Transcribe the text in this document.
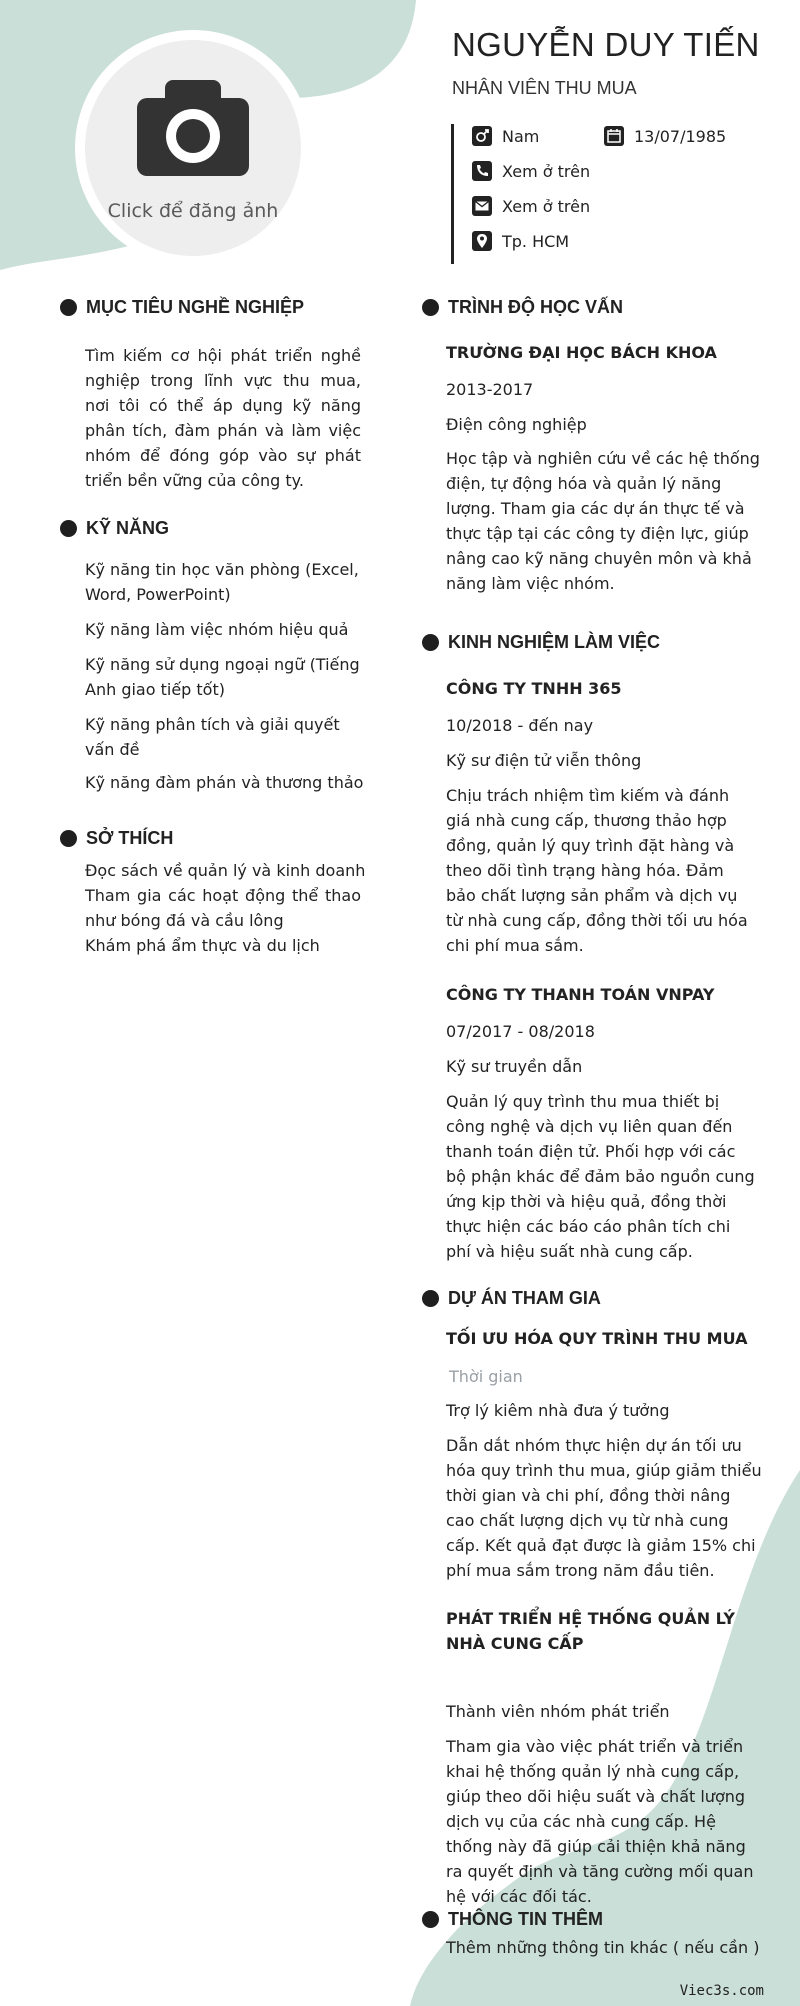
Click để đăng ảnh
NGUYỄN DUY TIẾN
NHÂN VIÊN THU MUA
Nam	13/07/1985
Xem ở trên
Xem ở trên
Tp. HCM
MỤC TIÊU NGHỀ NGHIỆP
Tìm kiếm cơ hội phát triển nghề nghiệp trong lĩnh vực thu mua, nơi tôi có thể áp dụng kỹ năng phân tích, đàm phán và làm việc nhóm để đóng góp vào sự phát triển bền vững của công ty.
KỸ NĂNG
Kỹ năng tin học văn phòng (Excel, Word, PowerPoint)
Kỹ năng làm việc nhóm hiệu quả
Kỹ năng sử dụng ngoại ngữ (Tiếng Anh giao tiếp tốt)
Kỹ năng phân tích và giải quyết vấn đề
Kỹ năng đàm phán và thương thảo
SỞ THÍCH
Đọc sách về quản lý và kinh doanh
Tham gia các hoạt động thể thao như bóng đá và cầu lông
Khám phá ẩm thực và du lịch
TRÌNH ĐỘ HỌC VẤN
TRƯỜNG ĐẠI HỌC BÁCH KHOA
2013-2017
Điện công nghiệp
Học tập và nghiên cứu về các hệ thống điện, tự động hóa và quản lý năng lượng. Tham gia các dự án thực tế và thực tập tại các công ty điện lực, giúp nâng cao kỹ năng chuyên môn và khả năng làm việc nhóm.
KINH NGHIỆM LÀM VIỆC
CÔNG TY TNHH 365
10/2018 - đến nay
Kỹ sư điện tử viễn thông
Chịu trách nhiệm tìm kiếm và đánh giá nhà cung cấp, thương thảo hợp đồng, quản lý quy trình đặt hàng và theo dõi tình trạng hàng hóa. Đảm bảo chất lượng sản phẩm và dịch vụ từ nhà cung cấp, đồng thời tối ưu hóa chi phí mua sắm.
CÔNG TY THANH TOÁN VNPAY
07/2017 - 08/2018
Kỹ sư truyền dẫn
Quản lý quy trình thu mua thiết bị công nghệ và dịch vụ liên quan đến thanh toán điện tử. Phối hợp với các bộ phận khác để đảm bảo nguồn cung ứng kịp thời và hiệu quả, đồng thời thực hiện các báo cáo phân tích chi phí và hiệu suất nhà cung cấp.
DỰ ÁN THAM GIA
TỐI ƯU HÓA QUY TRÌNH THU MUA
Thời gian
Trợ lý kiêm nhà đưa ý tưởng
Dẫn dắt nhóm thực hiện dự án tối ưu hóa quy trình thu mua, giúp giảm thiểu thời gian và chi phí, đồng thời nâng cao chất lượng dịch vụ từ nhà cung cấp. Kết quả đạt được là giảm 15% chi phí mua sắm trong năm đầu tiên.
PHÁT TRIỂN HỆ THỐNG QUẢN LÝ NHÀ CUNG CẤP
Thành viên nhóm phát triển
Tham gia vào việc phát triển và triển khai hệ thống quản lý nhà cung cấp, giúp theo dõi hiệu suất và chất lượng dịch vụ của các nhà cung cấp. Hệ thống này đã giúp cải thiện khả năng ra quyết định và tăng cường mối quan hệ với các đối tác.
THÔNG TIN THÊM
Thêm những thông tin khác ( nếu cần )
Viec3s.com
